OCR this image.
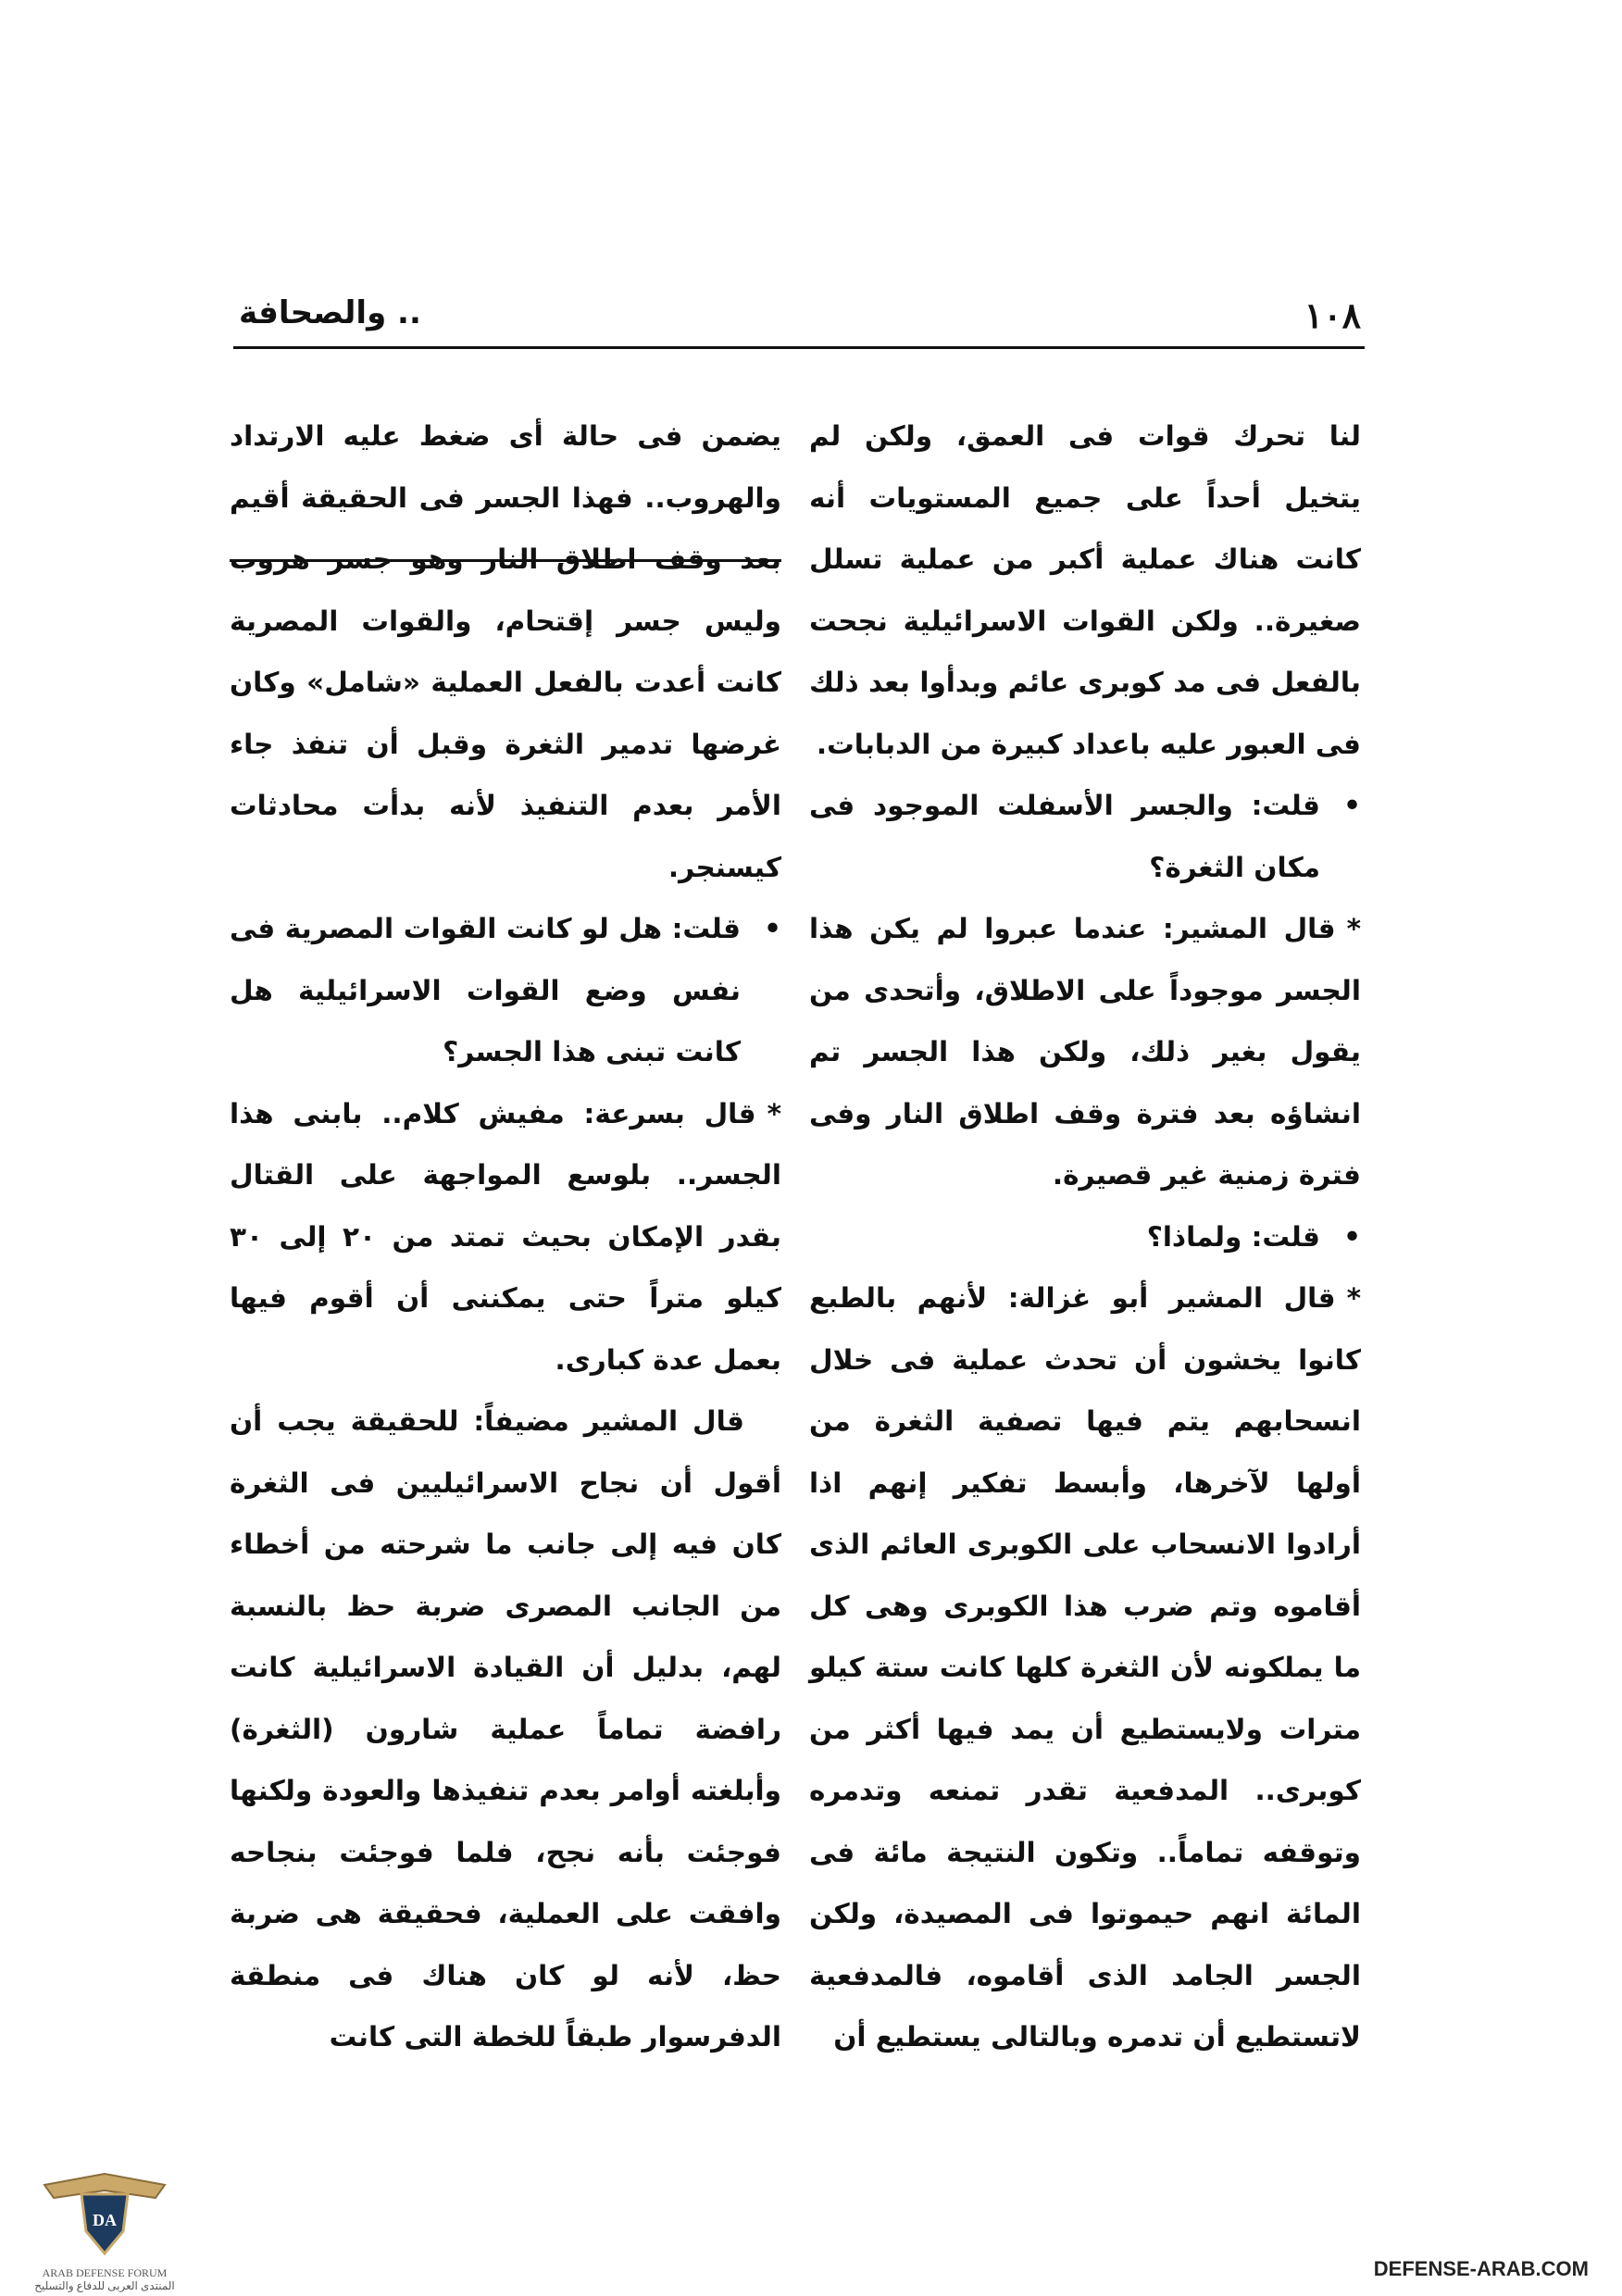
١٠٨
.. والصحافة

لنا تحرك قوات فى العمق، ولكن لم يتخيل أحداً على جميع المستويات أنه كانت هناك عملية أكبر من عملية تسلل صغيرة.. ولكن القوات الاسرائيلية نجحت بالفعل فى مد كوبرى عائم وبدأوا بعد ذلك فى العبور عليه باعداد كبيرة من الدبابات.

•
قلت: والجسر الأسفلت الموجود فى مكان الثغرة؟

*قال المشير: عندما عبروا لم يكن هذا الجسر موجوداً على الاطلاق، وأتحدى من يقول بغير ذلك، ولكن هذا الجسر تم انشاؤه بعد فترة وقف اطلاق النار وفى فترة زمنية غير قصيرة.

•
قلت: ولماذا؟

*قال المشير أبو غزالة: لأنهم بالطبع كانوا يخشون أن تحدث عملية فى خلال انسحابهم يتم فيها تصفية الثغرة من أولها لآخرها، وأبسط تفكير إنهم اذا أرادوا الانسحاب على الكوبرى العائم الذى أقاموه وتم ضرب هذا الكوبرى وهى كل ما يملكونه لأن الثغرة كلها كانت ستة كيلو مترات ولايستطيع أن يمد فيها أكثر من كوبرى.. المدفعية تقدر تمنعه وتدمره وتوقفه تماماً.. وتكون النتيجة مائة فى المائة انهم حيموتوا فى المصيدة، ولكن الجسر الجامد الذى أقاموه، فالمدفعية لاتستطيع أن تدمره وبالتالى يستطيع أن

يضمن فى حالة أى ضغط عليه الارتداد والهروب.. فهذا الجسر فى الحقيقة أقيم بعد وقف اطلاق النار وهو جسر هروب وليس جسر إقتحام، والقوات المصرية كانت أعدت بالفعل العملية «شامل» وكان غرضها تدمير الثغرة وقبل أن تنفذ جاء الأمر بعدم التنفيذ لأنه بدأت محادثات كيسنجر.

•
قلت: هل لو كانت القوات المصرية فى نفس وضع القوات الاسرائيلية هل كانت تبنى هذا الجسر؟

*قال بسرعة: مفيش كلام.. بابنى هذا الجسر.. بلوسع المواجهة على القتال بقدر الإمكان بحيث تمتد من ٢٠ إلى ٣٠ كيلو متراً حتى يمكننى أن أقوم فيها بعمل عدة كبارى.

قال المشير مضيفاً: للحقيقة يجب أن أقول أن نجاح الاسرائيليين فى الثغرة كان فيه إلى جانب ما شرحته من أخطاء من الجانب المصرى ضربة حظ بالنسبة لهم، بدليل أن القيادة الاسرائيلية كانت رافضة تماماً عملية شارون (الثغرة) وأبلغته أوامر بعدم تنفيذها والعودة ولكنها فوجئت بأنه نجح، فلما فوجئت بنجاحه وافقت على العملية، فحقيقة هى ضربة حظ، لأنه لو كان هناك فى منطقة الدفرسوار طبقاً للخطة التى كانت

DA
ARAB DEFENSE FORUM
المنتدى العربى للدفاع والتسليح
DEFENSE-ARAB.COM
